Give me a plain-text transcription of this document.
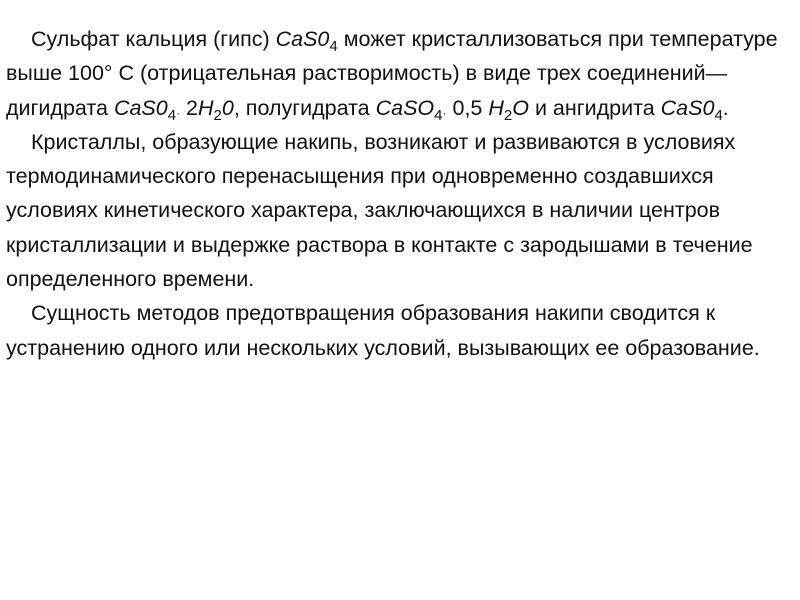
Сульфат кальция (гипс) $CaS0_4$ может кристаллизоваться при температуре выше 100° С (отрицательная растворимость) в виде трех соединений— дигидрата $CaS0_4\cdot 2H_20$, полугидрата CaSO$_4$· 0,5 $H_2O$ и ангидрита $CaS0_4$.

Кристаллы, образующие накипь, возникают и развиваются в условиях термодинамического перенасыщения при одновременно создавшихся условиях кинетического характера, заключающихся в наличии центров кристаллизации и выдержке раствора в контакте с зародышами в течение определенного времени.

Сущность методов предотвращения образования накипи сводится к устранению одного или нескольких условий, вызывающих ее образование.
